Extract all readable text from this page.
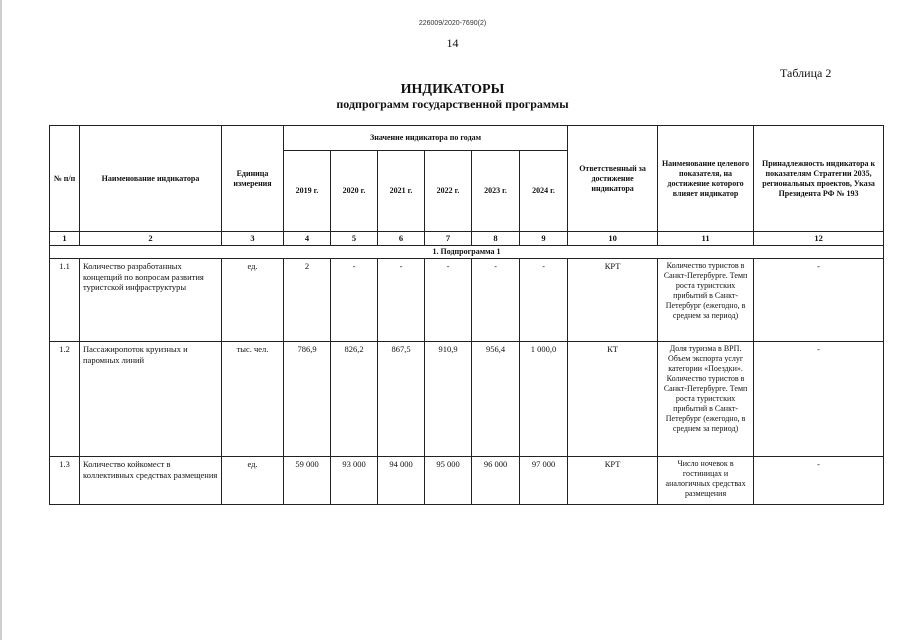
226009/2020-7690(2)
14
Таблица 2
ИНДИКАТОРЫ
подпрограмм государственной программы
№ п/п	Наименование индикатора	Единица измерения	Значение индикатора по годам						Ответственный за достижение индикатора	Наименование целевого показателя, на достижение которого влияет индикатор	Принадлежность индикатора к показателям Стратегии 2035, региональных проектов, Указа Президента РФ № 193
			2019 г.	2020 г.	2021 г.	2022 г.	2023 г.	2024 г.			
1	2	3	4	5	6	7	8	9	10	11	12
1. Подпрограмма 1											
1.1	Количество разработанных концепций по вопросам развития туристской инфраструктуры	ед.	2	-	-	-	-	-	КРТ	Количество туристов в Санкт-Петербурге. Темп роста туристских прибытий в Санкт-Петербург (ежегодно, в среднем за период)	-
1.2	Пассажиропоток круизных и паромных линий	тыс. чел.	786,9	826,2	867,5	910,9	956,4	1 000,0	КТ	Доля туризма в ВРП. Объем экспорта услуг категории «Поездки». Количество туристов в Санкт-Петербурге. Темп роста туристских прибытий в Санкт-Петербург (ежегодно, в среднем за период)	-
1.3	Количество койкомест в коллективных средствах размещения	ед.	59 000	93 000	94 000	95 000	96 000	97 000	КРТ	Число ночевок в гостиницах и аналогичных средствах размещения	-
